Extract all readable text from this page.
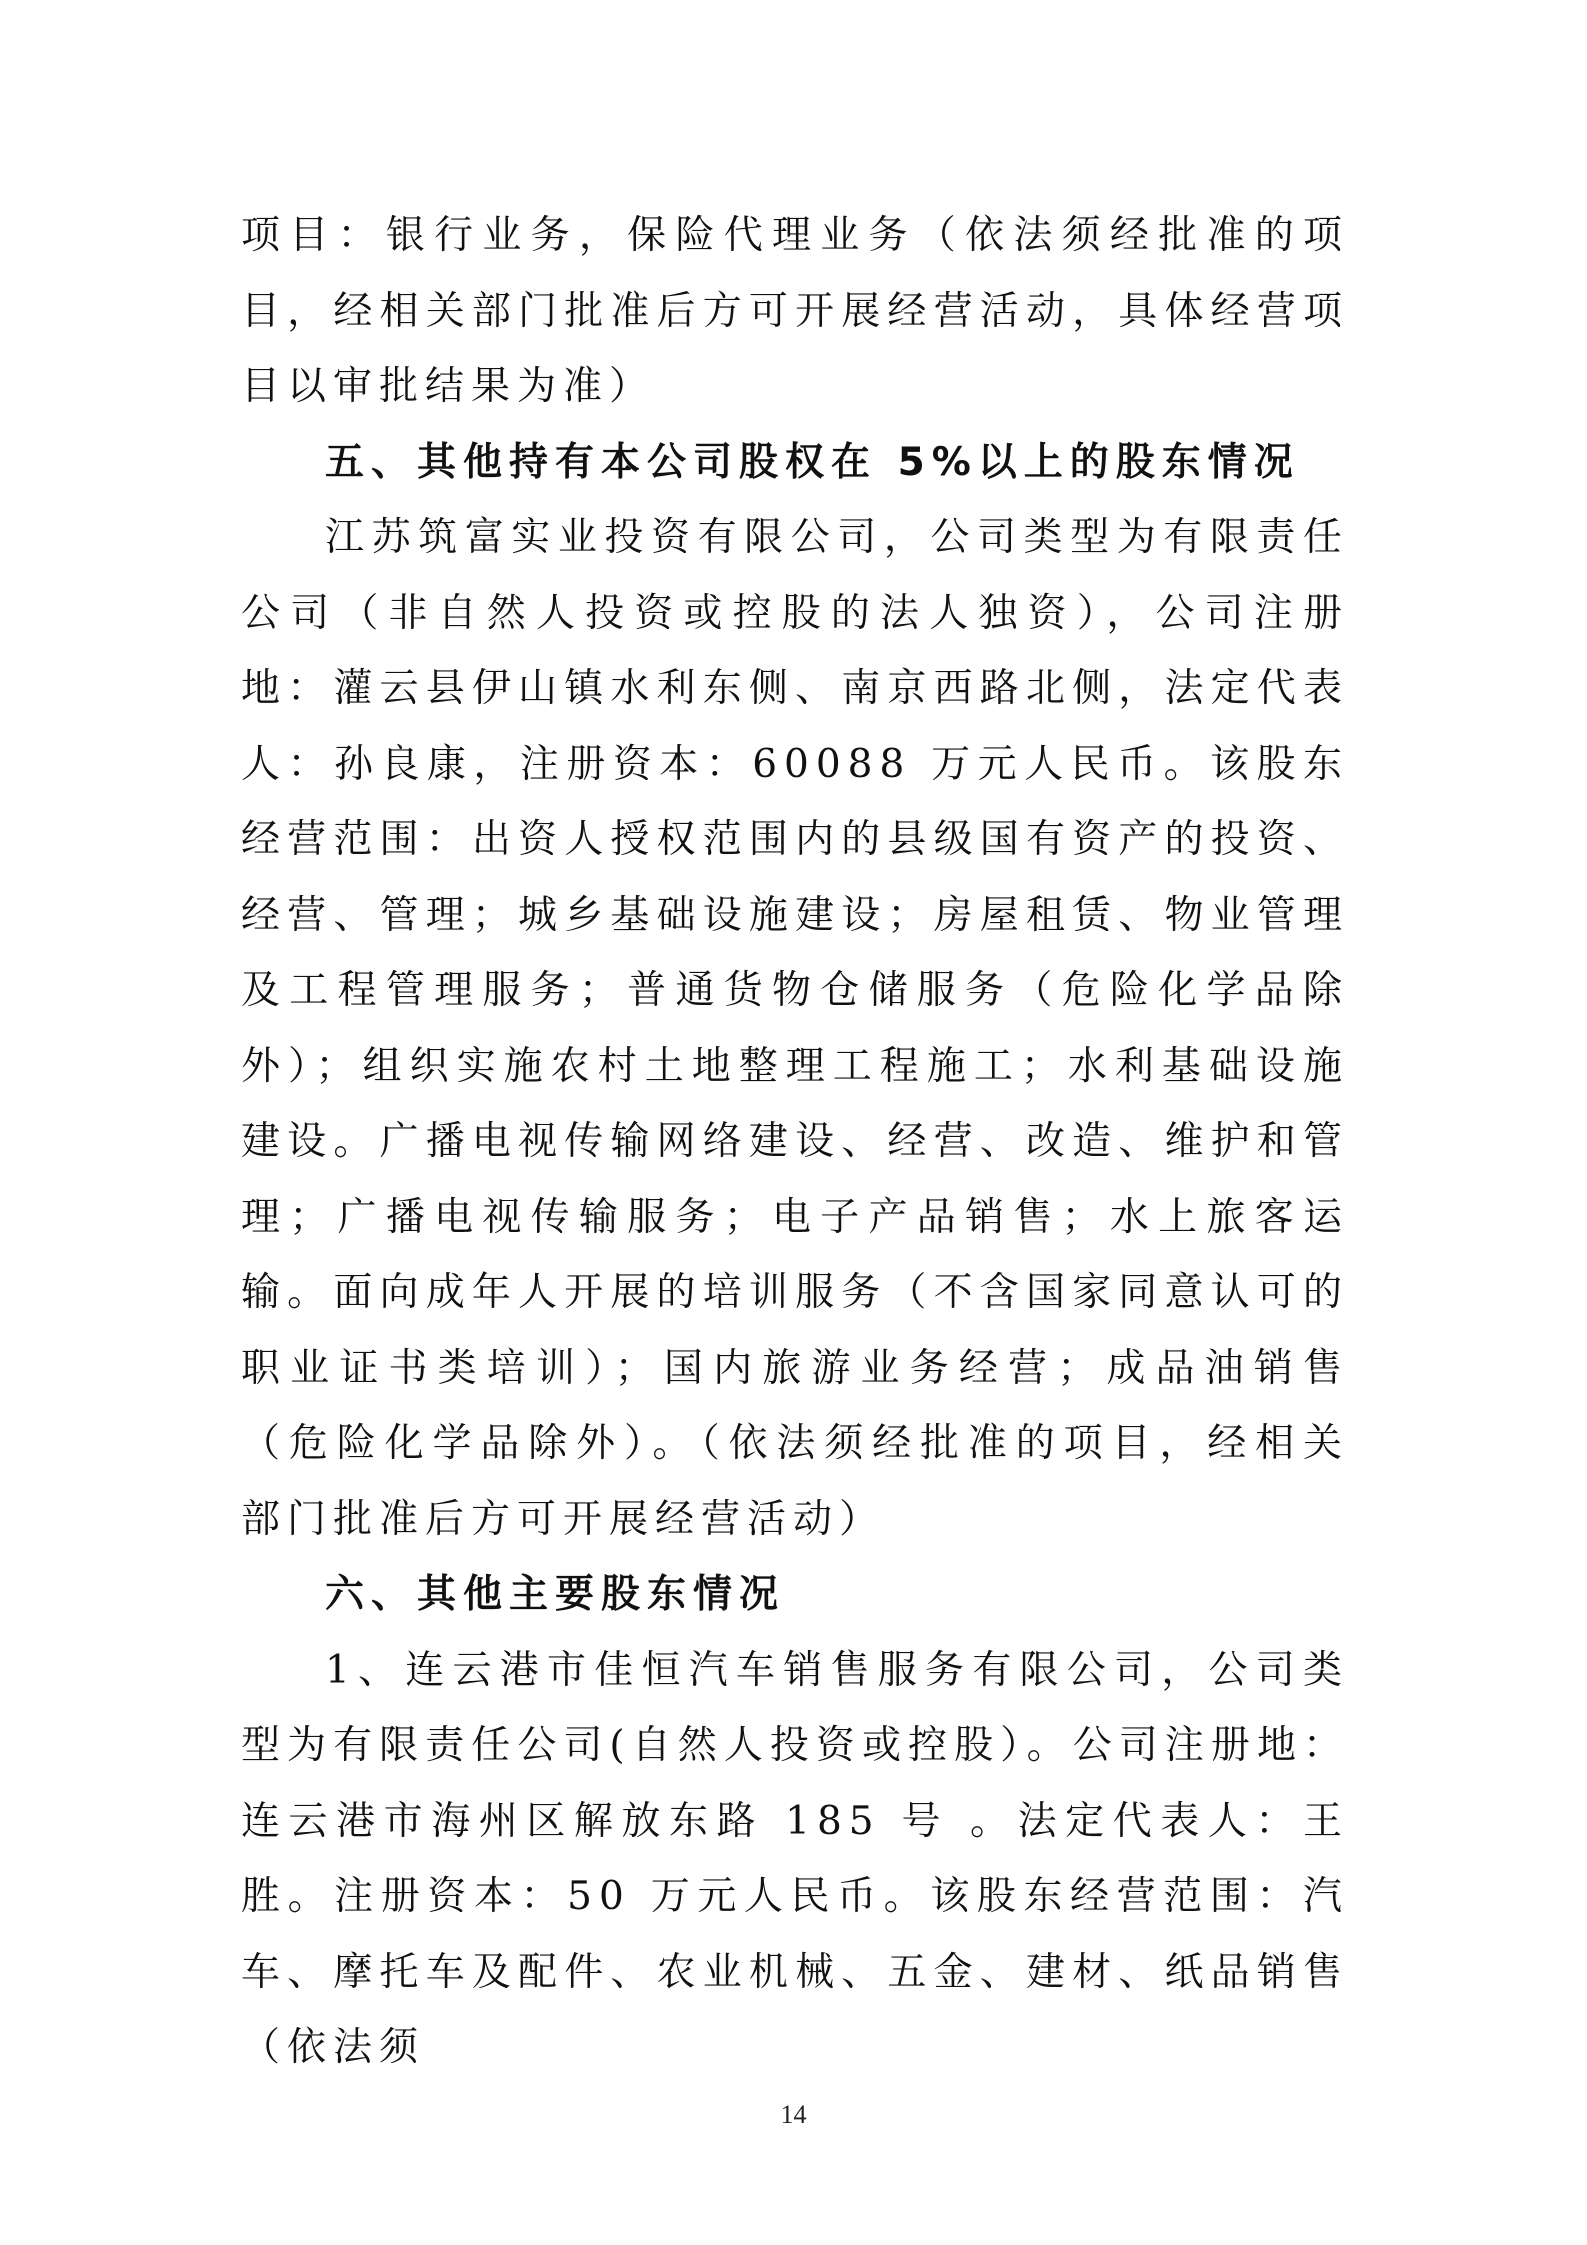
项目：银行业务，保险代理业务（依法须经批准的项目，经相关部门批准后方可开展经营活动，具体经营项目以审批结果为准）

五、其他持有本公司股权在 5%以上的股东情况

江苏筑富实业投资有限公司，公司类型为有限责任公司（非自然人投资或控股的法人独资），公司注册地：灌云县伊山镇水利东侧、南京西路北侧，法定代表人：孙良康，注册资本：60088 万元人民币。该股东经营范围：出资人授权范围内的县级国有资产的投资、经营、管理；城乡基础设施建设；房屋租赁、物业管理及工程管理服务；普通货物仓储服务（危险化学品除外）；组织实施农村土地整理工程施工；水利基础设施建设。广播电视传输网络建设、经营、改造、维护和管理；广播电视传输服务；电子产品销售；水上旅客运输。面向成年人开展的培训服务（不含国家同意认可的职业证书类培训）；国内旅游业务经营；成品油销售（危险化学品除外）。（依法须经批准的项目，经相关部门批准后方可开展经营活动）

六、其他主要股东情况

1、连云港市佳恒汽车销售服务有限公司，公司类型为有限责任公司(自然人投资或控股）。公司注册地：连云港市海州区解放东路 185 号 。法定代表人：王胜。注册资本：50 万元人民币。该股东经营范围：汽车、摩托车及配件、农业机械、五金、建材、纸品销售（依法须

14
